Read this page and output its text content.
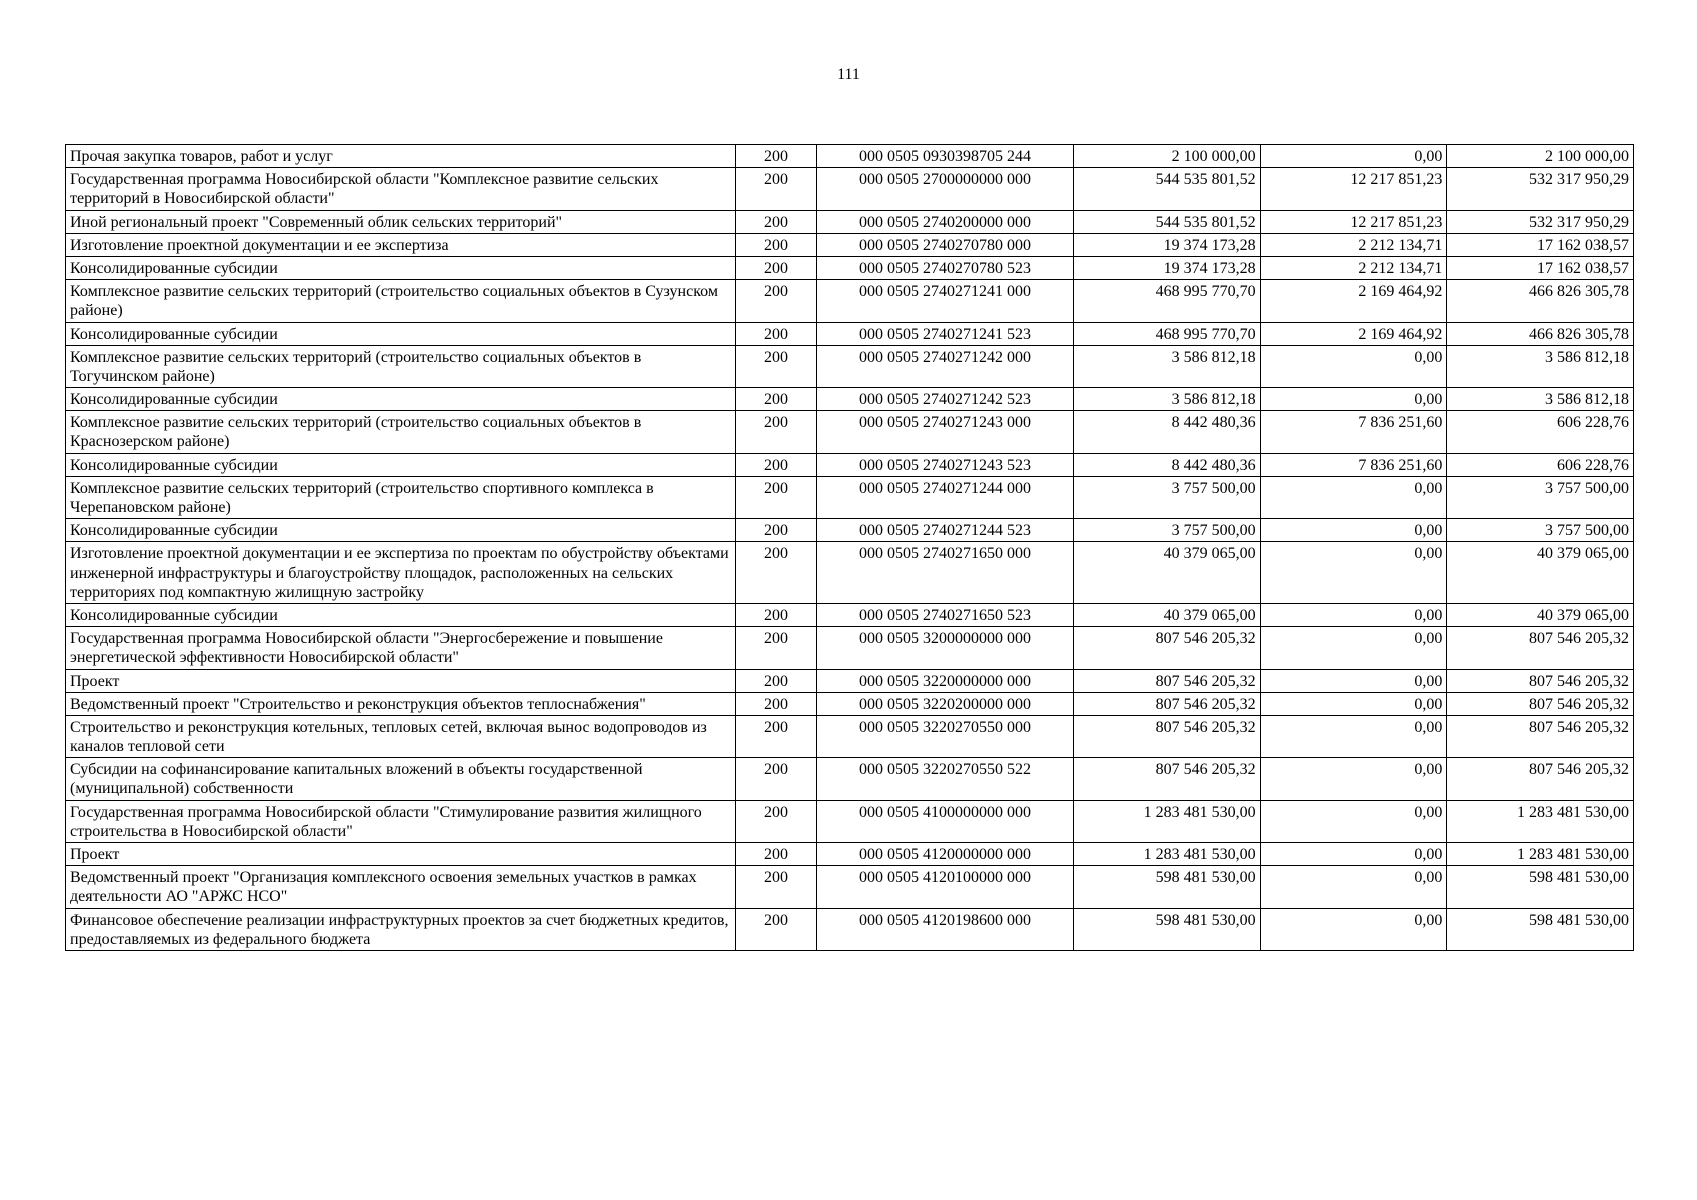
111
Прочая закупка товаров, работ и услуг	200	000 0505 0930398705 244	2 100 000,00	0,00	2 100 000,00
Государственная программа Новосибирской области "Комплексное развитие сельских территорий в Новосибирской области"	200	000 0505 2700000000 000	544 535 801,52	12 217 851,23	532 317 950,29
Иной региональный проект "Современный облик сельских территорий"	200	000 0505 2740200000 000	544 535 801,52	12 217 851,23	532 317 950,29
Изготовление проектной документации и ее экспертиза	200	000 0505 2740270780 000	19 374 173,28	2 212 134,71	17 162 038,57
Консолидированные субсидии	200	000 0505 2740270780 523	19 374 173,28	2 212 134,71	17 162 038,57
Комплексное развитие сельских территорий (строительство социальных объектов в Сузунском районе)	200	000 0505 2740271241 000	468 995 770,70	2 169 464,92	466 826 305,78
Консолидированные субсидии	200	000 0505 2740271241 523	468 995 770,70	2 169 464,92	466 826 305,78
Комплексное развитие сельских территорий (строительство социальных объектов в Тогучинском районе)	200	000 0505 2740271242 000	3 586 812,18	0,00	3 586 812,18
Консолидированные субсидии	200	000 0505 2740271242 523	3 586 812,18	0,00	3 586 812,18
Комплексное развитие сельских территорий (строительство социальных объектов в Краснозерском районе)	200	000 0505 2740271243 000	8 442 480,36	7 836 251,60	606 228,76
Консолидированные субсидии	200	000 0505 2740271243 523	8 442 480,36	7 836 251,60	606 228,76
Комплексное развитие сельских территорий (строительство спортивного комплекса в Черепановском районе)	200	000 0505 2740271244 000	3 757 500,00	0,00	3 757 500,00
Консолидированные субсидии	200	000 0505 2740271244 523	3 757 500,00	0,00	3 757 500,00
Изготовление проектной документации и ее экспертиза по проектам по обустройству объектами инженерной инфраструктуры и благоустройству площадок, расположенных на сельских территориях под компактную жилищную застройку	200	000 0505 2740271650 000	40 379 065,00	0,00	40 379 065,00
Консолидированные субсидии	200	000 0505 2740271650 523	40 379 065,00	0,00	40 379 065,00
Государственная программа Новосибирской области "Энергосбережение и повышение энергетической эффективности Новосибирской области"	200	000 0505 3200000000 000	807 546 205,32	0,00	807 546 205,32
Проект	200	000 0505 3220000000 000	807 546 205,32	0,00	807 546 205,32
Ведомственный проект "Строительство и реконструкция объектов теплоснабжения"	200	000 0505 3220200000 000	807 546 205,32	0,00	807 546 205,32
Строительство и реконструкция котельных, тепловых сетей, включая вынос водопроводов из каналов тепловой сети	200	000 0505 3220270550 000	807 546 205,32	0,00	807 546 205,32
Субсидии на софинансирование капитальных вложений в объекты государственной (муниципальной) собственности	200	000 0505 3220270550 522	807 546 205,32	0,00	807 546 205,32
Государственная программа Новосибирской области "Стимулирование развития жилищного строительства в Новосибирской области"	200	000 0505 4100000000 000	1 283 481 530,00	0,00	1 283 481 530,00
Проект	200	000 0505 4120000000 000	1 283 481 530,00	0,00	1 283 481 530,00
Ведомственный проект "Организация комплексного освоения земельных участков в рамках деятельности АО "АРЖС НСО"	200	000 0505 4120100000 000	598 481 530,00	0,00	598 481 530,00
Финансовое обеспечение реализации инфраструктурных проектов за счет бюджетных кредитов, предоставляемых из федерального бюджета	200	000 0505 4120198600 000	598 481 530,00	0,00	598 481 530,00
